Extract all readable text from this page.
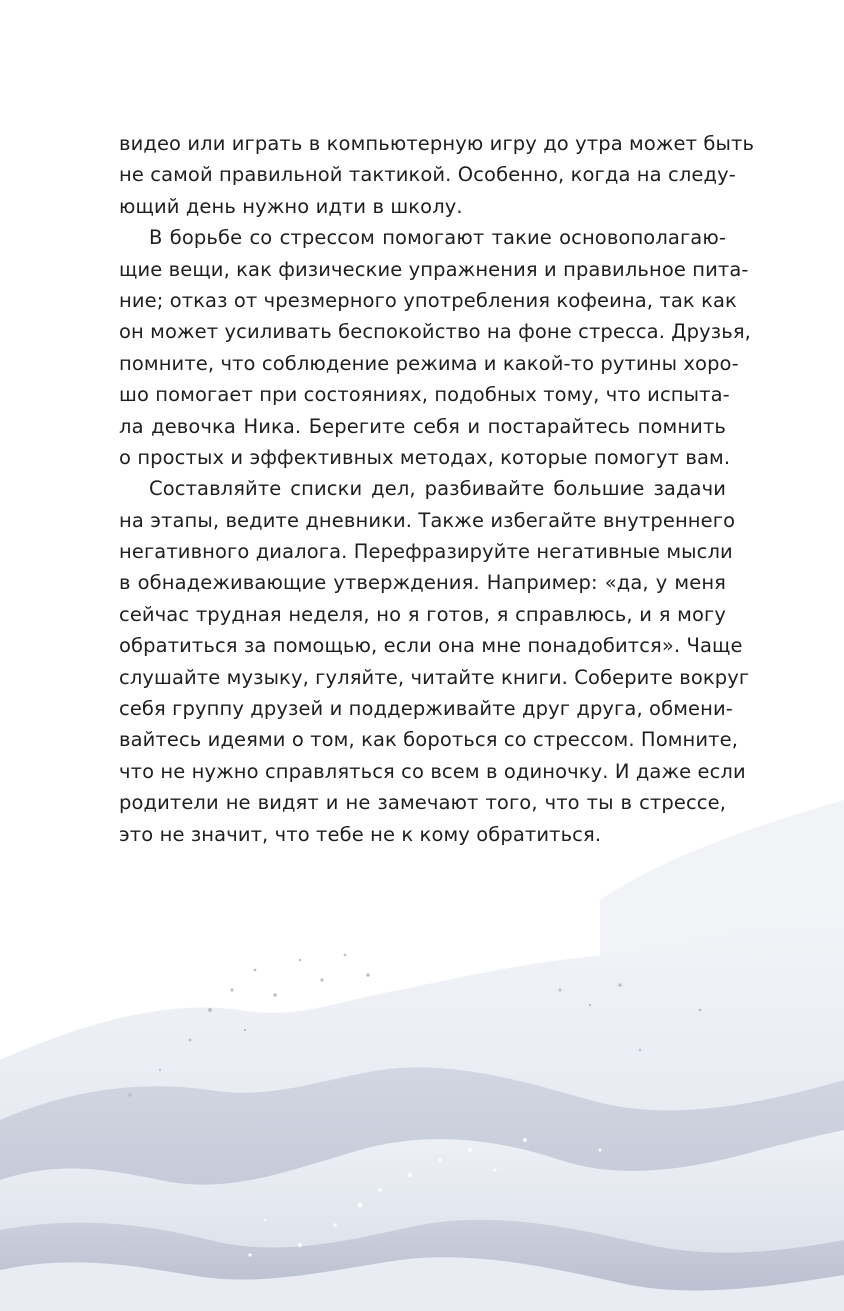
видео или играть в компьютерную игру до утра может быть
не самой правильной тактикой. Особенно, когда на следу-
ющий день нужно идти в школу.
В борьбе со стрессом помогают такие основополагаю-
щие вещи, как физические упражнения и правильное пита-
ние; отказ от чрезмерного употребления кофеина, так как
он может усиливать беспокойство на фоне стресса. Друзья,
помните, что соблюдение режима и какой-то рутины хоро-
шо помогает при состояниях, подобных тому, что испыта-
ла девочка Ника. Берегите себя и постарайтесь помнить
о простых и эффективных методах, которые помогут вам.
Составляйте списки дел, разбивайте большие задачи
на этапы, ведите дневники. Также избегайте внутреннего
негативного диалога. Перефразируйте негативные мысли
в обнадеживающие утверждения. Например: «да, у меня
сейчас трудная неделя, но я готов, я справлюсь, и я могу
обратиться за помощью, если она мне понадобится». Чаще
слушайте музыку, гуляйте, читайте книги. Соберите вокруг
себя группу друзей и поддерживайте друг друга, обмени-
вайтесь идеями о том, как бороться со стрессом. Помните,
что не нужно справляться со всем в одиночку. И даже если
родители не видят и не замечают того, что ты в стрессе,
это не значит, что тебе не к кому обратиться.
